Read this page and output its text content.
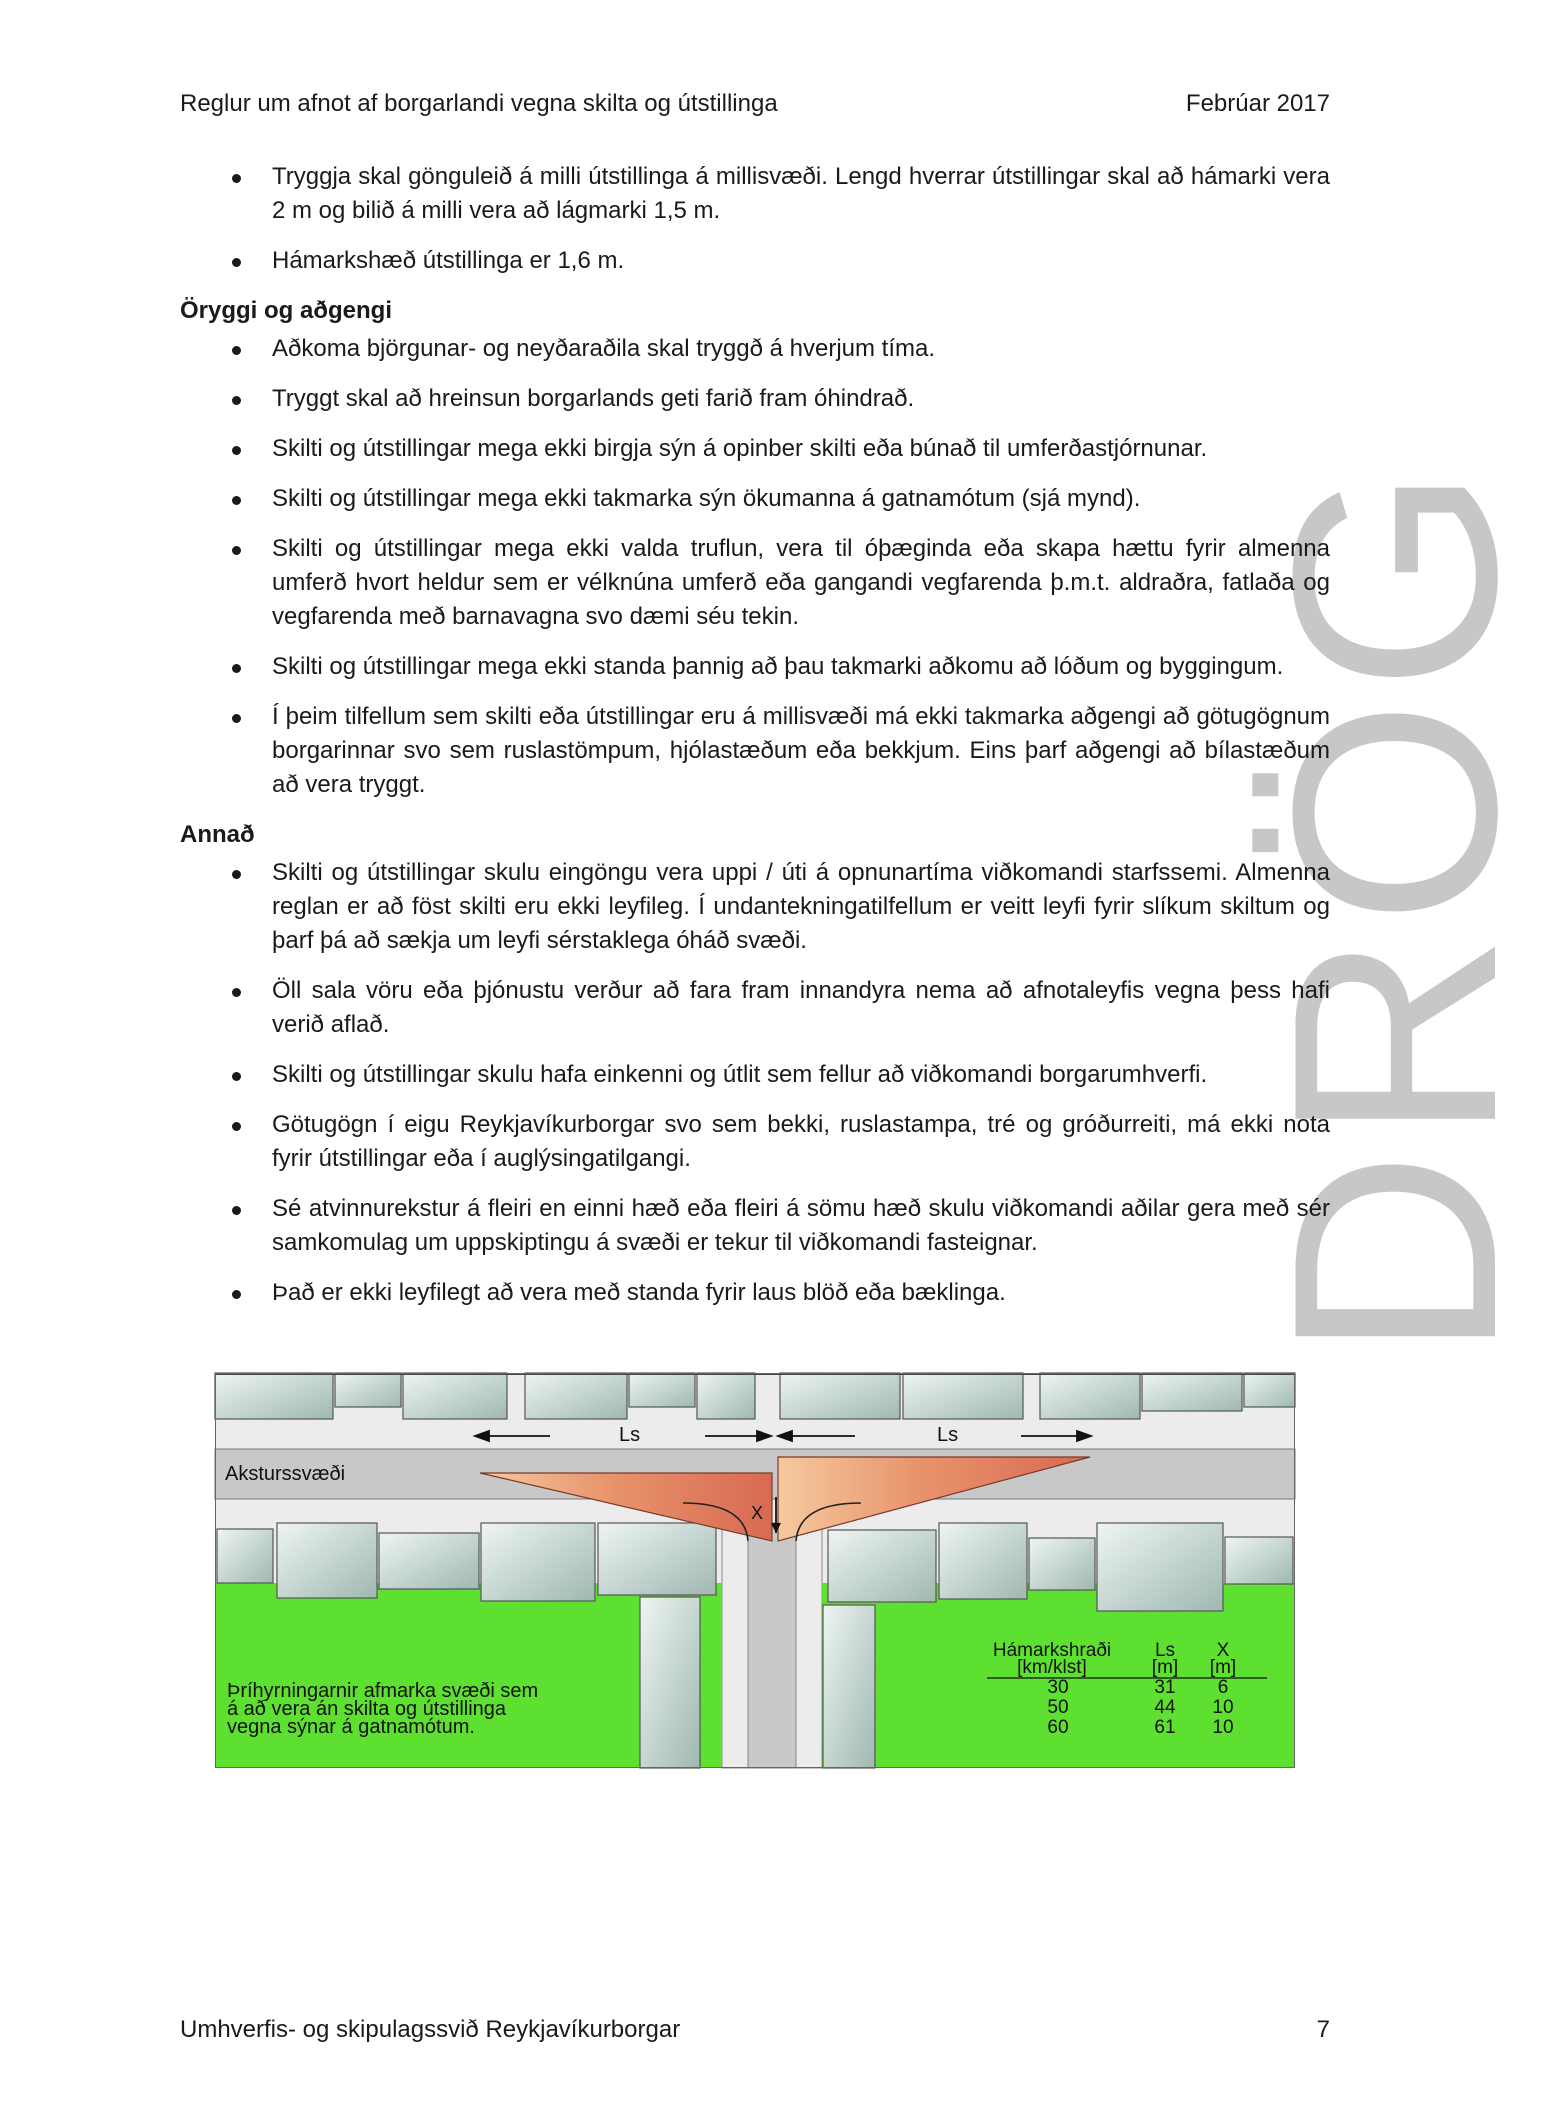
Reglur um afnot af borgarlandi vegna skilta og útstillinga	Febrúar 2017
DRÖG
Tryggja skal gönguleið á milli útstillinga á millisvæði. Lengd hverrar útstillingar skal að hámarki vera 2 m og bilið á milli vera að lágmarki 1,5 m.
Hámarkshæð útstillinga er 1,6 m.
Öryggi og aðgengi
Aðkoma björgunar- og neyðaraðila skal tryggð á hverjum tíma.
Tryggt skal að hreinsun borgarlands geti farið fram óhindrað.
Skilti og útstillingar mega ekki birgja sýn á opinber skilti eða búnað til umferðastjórnunar.
Skilti og útstillingar mega ekki takmarka sýn ökumanna á gatnamótum (sjá mynd).
Skilti og útstillingar mega ekki valda truflun, vera til óþæginda eða skapa hættu fyrir almenna umferð hvort heldur sem er vélknúna umferð eða gangandi vegfarenda þ.m.t. aldraðra, fatlaða og vegfarenda með barnavagna svo dæmi séu tekin.
Skilti og útstillingar mega ekki standa þannig að þau takmarki aðkomu að lóðum og byggingum.
Í þeim tilfellum sem skilti eða útstillingar eru á millisvæði má ekki takmarka aðgengi að götugögnum borgarinnar svo sem ruslastömpum, hjólastæðum eða bekkjum. Eins þarf aðgengi að bílastæðum að vera tryggt.
Annað
Skilti og útstillingar skulu eingöngu vera uppi / úti á opnunartíma viðkomandi starfssemi. Almenna reglan er að föst skilti eru ekki leyfileg. Í undantekningatilfellum er veitt leyfi fyrir slíkum skiltum og þarf þá að sækja um leyfi sérstaklega óháð svæði.
Öll sala vöru eða þjónustu verður að fara fram innandyra nema að afnotaleyfis vegna þess hafi verið aflað.
Skilti og útstillingar skulu hafa einkenni og útlit sem fellur að viðkomandi borgarumhverfi.
Götugögn í eigu Reykjavíkurborgar svo sem bekki, ruslastampa, tré og gróðurreiti, má ekki nota fyrir útstillingar eða í auglýsingatilgangi.
Sé atvinnurekstur á fleiri en einni hæð eða fleiri á sömu hæð skulu viðkomandi aðilar gera með sér samkomulag um uppskiptingu á svæði er tekur til viðkomandi fasteignar.
Það er ekki leyfilegt að vera með standa fyrir laus blöð eða bæklinga.
X
Ls	Ls
Aksturssvæði
Þríhyrningarnir afmarka svæði sem
á að vera án skilta og útstillinga
vegna sýnar á gatnamótum.
Hámarkshraði Ls X
[km/klst]	[m] [m]
30	31 6
50	44 10
60	61 10
Umhverfis- og skipulagssvið Reykjavíkurborgar	7
